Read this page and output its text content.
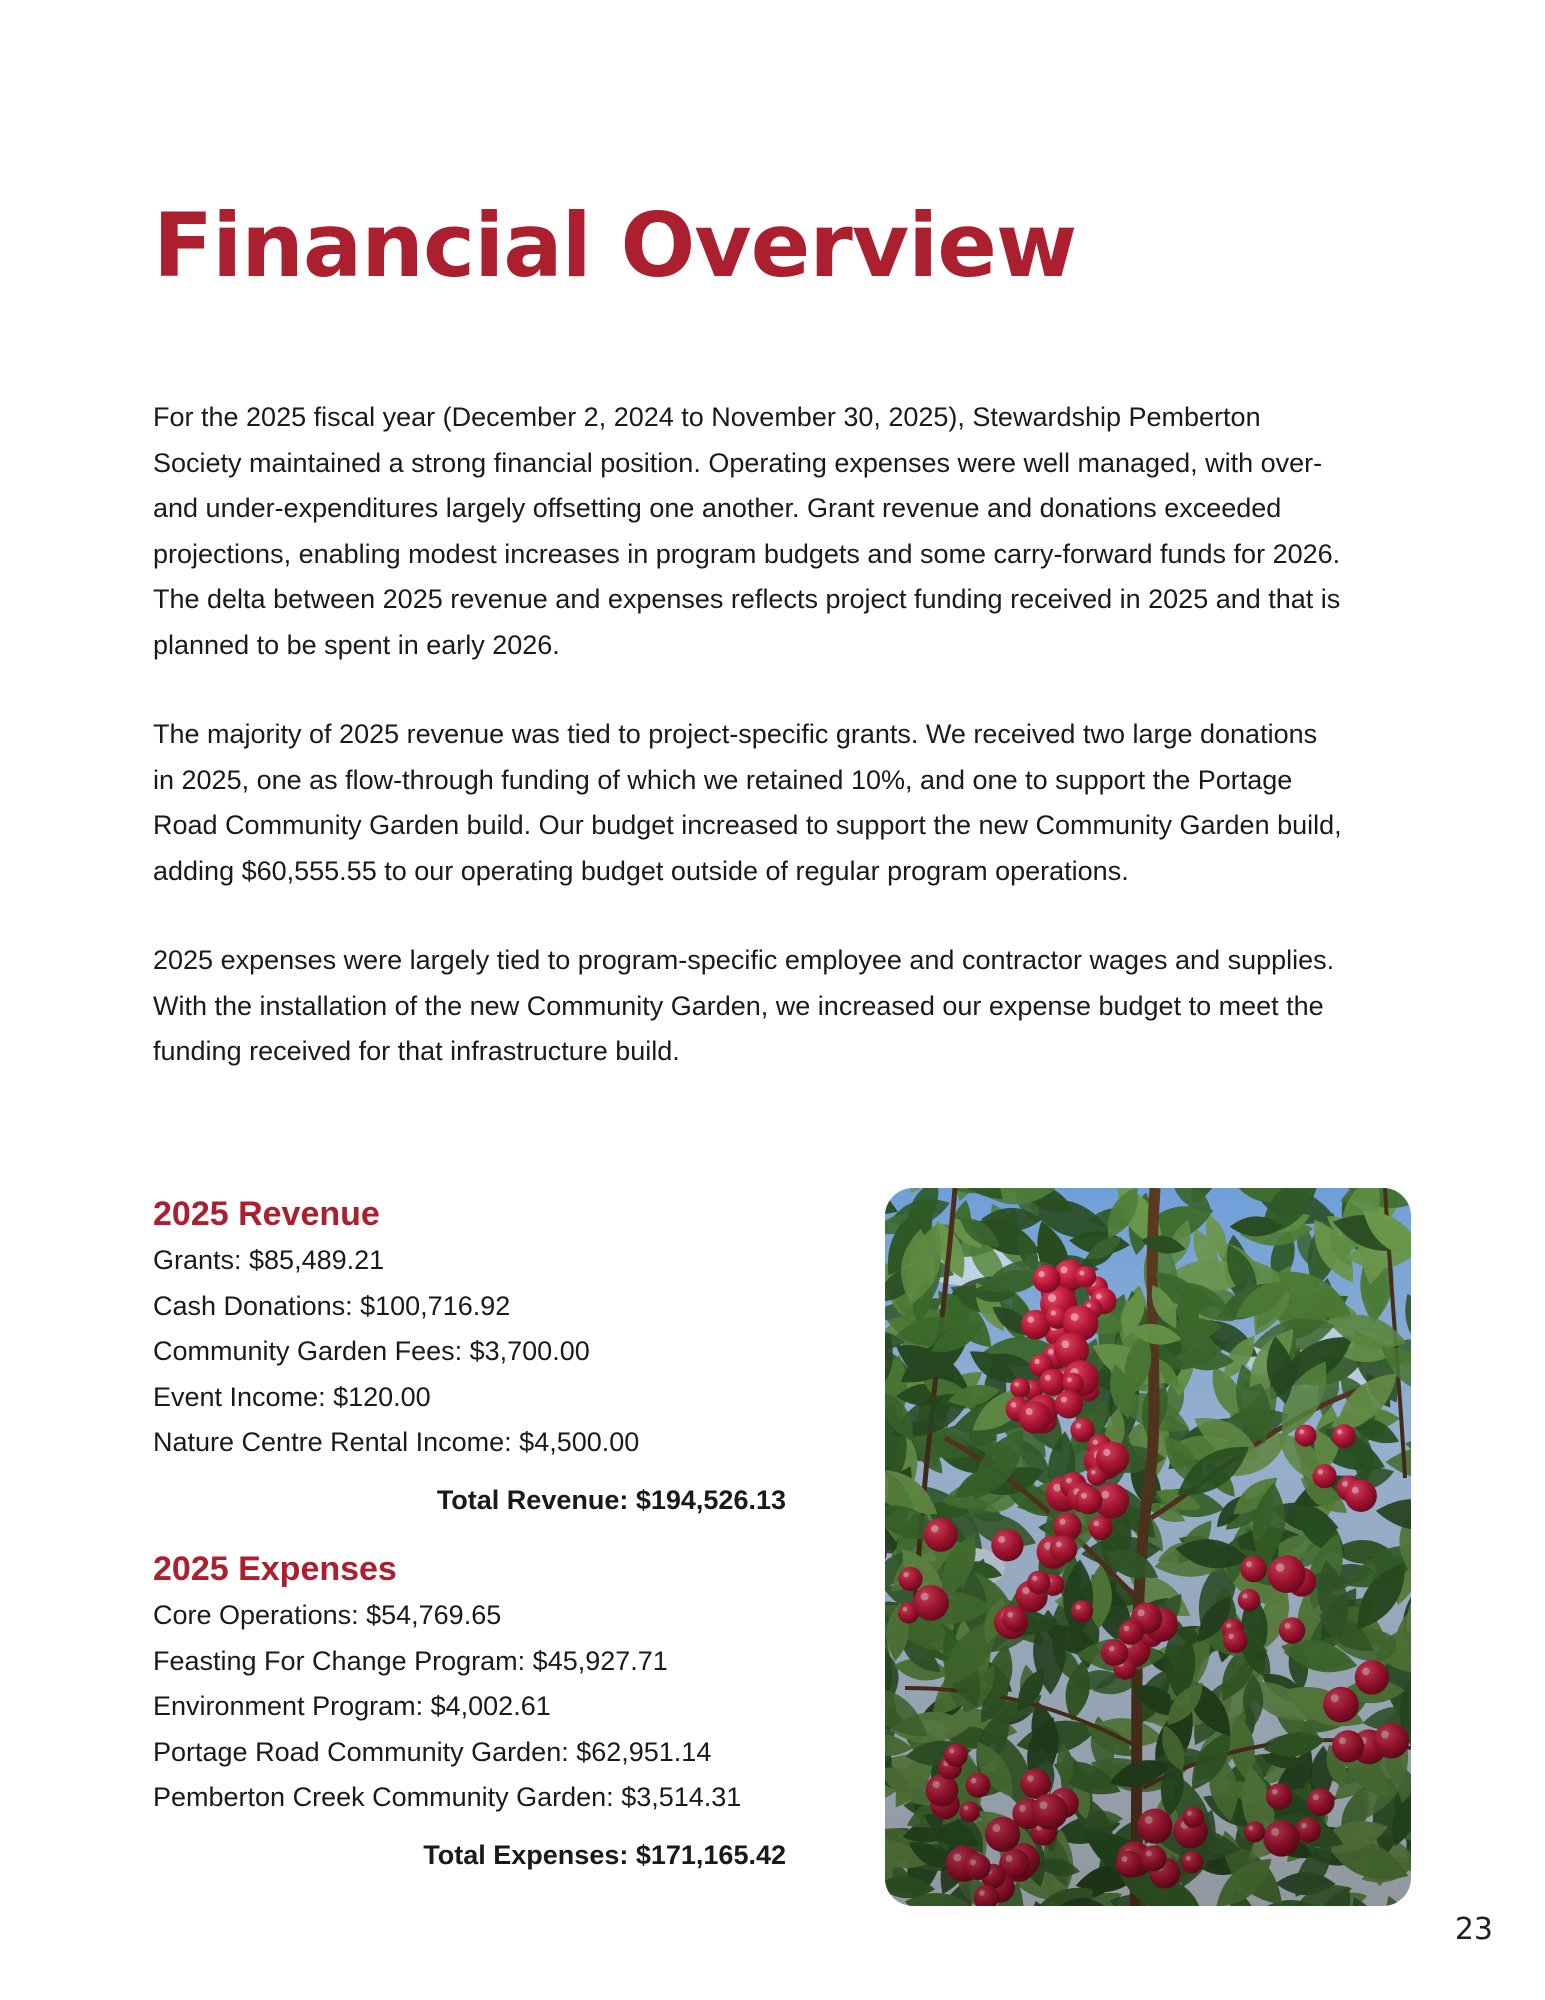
Financial Overview

For the 2025 fiscal year (December 2, 2024 to November 30, 2025), Stewardship Pemberton Society maintained a strong financial position. Operating expenses were well managed, with over- and under-expenditures largely offsetting one another. Grant revenue and donations exceeded projections, enabling modest increases in program budgets and some carry-forward funds for 2026. The delta between 2025 revenue and expenses reflects project funding received in 2025 and that is planned to be spent in early 2026.

The majority of 2025 revenue was tied to project-specific grants. We received two large donations in 2025, one as flow-through funding of which we retained 10%, and one to support the Portage Road Community Garden build. Our budget increased to support the new Community Garden build, adding $60,555.55 to our operating budget outside of regular program operations.

2025 expenses were largely tied to program-specific employee and contractor wages and supplies. With the installation of the new Community Garden, we increased our expense budget to meet the funding received for that infrastructure build.

2025 Revenue

Grants: $85,489.21

Cash Donations: $100,716.92

Community Garden Fees: $3,700.00

Event Income: $120.00

Nature Centre Rental Income: $4,500.00

Total Revenue: $194,526.13

2025 Expenses

Core Operations: $54,769.65

Feasting For Change Program: $45,927.71

Environment Program: $4,002.61

Portage Road Community Garden: $62,951.14

Pemberton Creek Community Garden: $3,514.31

Total Expenses: $171,165.42

23
